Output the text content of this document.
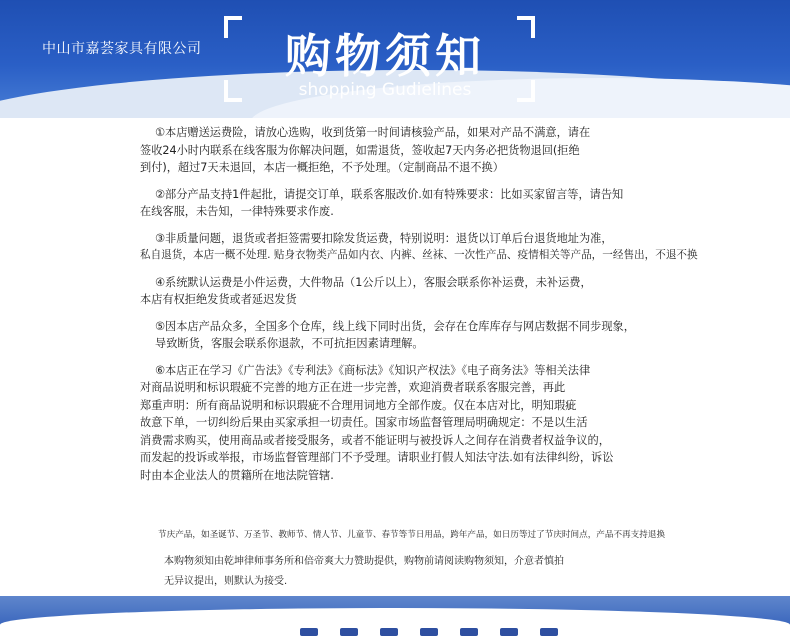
中山市嘉荟家具有限公司	购物须知
shopping Gudielines
①本店赠送运费险，请放心选购，收到货第一时间请核验产品，如果对产品不满意，请在
签收24小时内联系在线客服为你解决问题，如需退货，签收起7天内务必把货物退回(拒绝
到付)，超过7天未退回，本店一概拒绝，不予处理。（定制商品不退不换）
②部分产品支持1件起批，请提交订单，联系客服改价.如有特殊要求：比如买家留言等，请告知
在线客服，未告知，一律特殊要求作废.
③非质量问题，退货或者拒签需要扣除发货运费，特别说明：退货以订单后台退货地址为准，
私自退货，本店一概不处理. 贴身衣物类产品如内衣、内裤、丝袜、一次性产品、疫情相关等产品，一经售出，不退不换
④系统默认运费是小件运费，大件物品（1公斤以上），客服会联系你补运费，未补运费，
本店有权拒绝发货或者延迟发货
⑤因本店产品众多，全国多个仓库，线上线下同时出货，会存在仓库库存与网店数据不同步现象，
导致断货，客服会联系你退款，不可抗拒因素请理解。
⑥本店正在学习《广告法》《专利法》《商标法》《知识产权法》《电子商务法》等相关法律
对商品说明和标识瑕疵不完善的地方正在进一步完善，欢迎消费者联系客服完善，再此
郑重声明：所有商品说明和标识瑕疵不合理用词地方全部作废。仅在本店对比，明知瑕疵
故意下单，一切纠纷后果由买家承担一切责任。国家市场监督管理局明确规定：不是以生活
消费需求购买，使用商品或者接受服务，或者不能证明与被投诉人之间存在消费者权益争议的，
而发起的投诉或举报，市场监督管理部门不予受理。请职业打假人知法守法.如有法律纠纷，诉讼
时由本企业法人的贯籍所在地法院管辖.
节庆产品，如圣诞节、万圣节、教师节、情人节、儿童节、春节等节日用品，跨年产品，如日历等过了节庆时间点，产品不再支持退换
本购物须知由乾坤律师事务所和倍帝爽大力赞助提供，购物前请阅读购物须知，介意者慎拍
无异议提出，则默认为接受.
